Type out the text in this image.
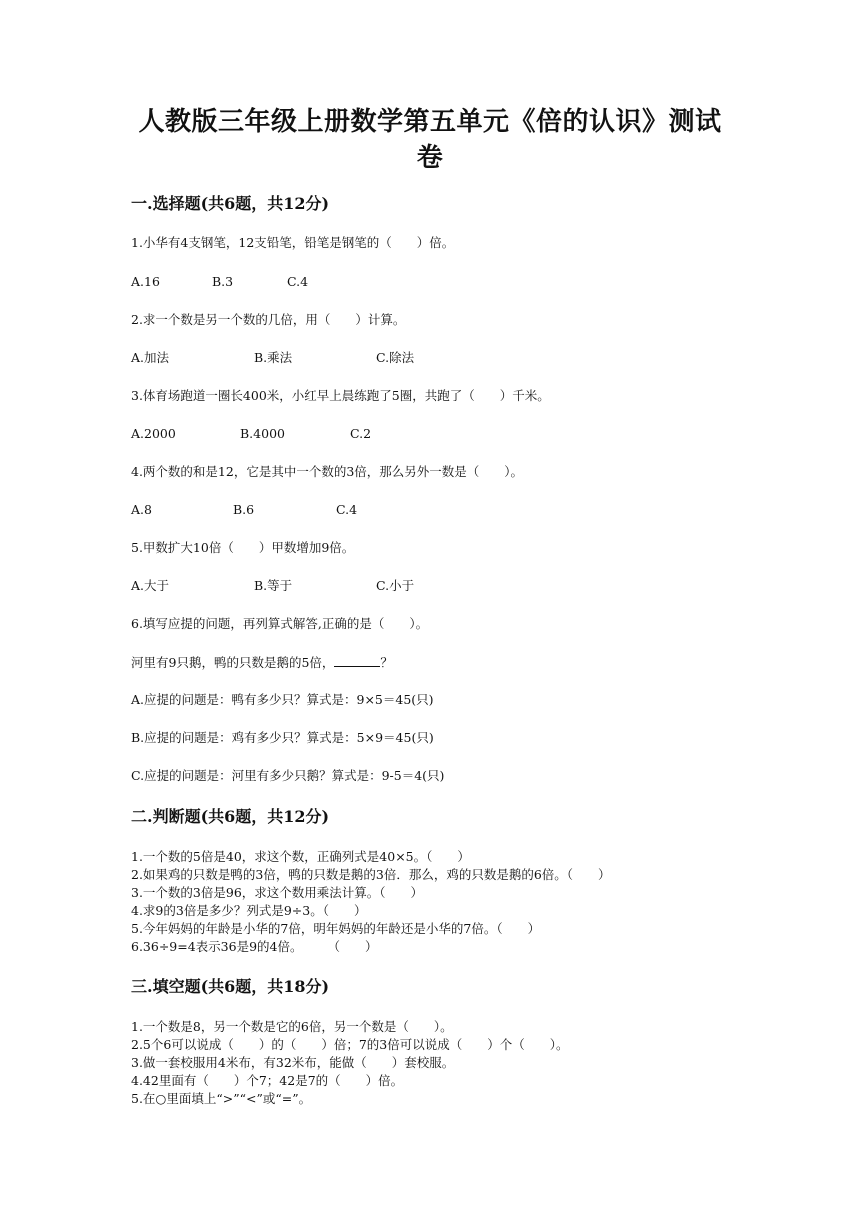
人教版三年级上册数学第五单元《倍的认识》测试
卷
一.选择题(共6题，共12分)
1.小华有4支钢笔，12支铅笔，铅笔是钢笔的（　　）倍。
A.16	B.3	C.4
2.求一个数是另一个数的几倍，用（　　）计算。
A.加法	B.乘法	C.除法
3.体育场跑道一圈长400米，小红早上晨练跑了5圈，共跑了（　　）千米。
A.2000	B.4000	C.2
4.两个数的和是12，它是其中一个数的3倍，那么另外一数是（　　）。
A.8	B.6	C.4
5.甲数扩大10倍（　　）甲数增加9倍。
A.大于	B.等于	C.小于
6.填写应提的问题，再列算式解答,正确的是（　　）。
河里有9只鹅，鸭的只数是鹅的5倍，	？
A.应提的问题是：鸭有多少只？算式是：9×5＝45(只)
B.应提的问题是：鸡有多少只？算式是：5×9＝45(只)
C.应提的问题是：河里有多少只鹅？算式是：9-5＝4(只)
二.判断题(共6题，共12分)
1.一个数的5倍是40，求这个数，正确列式是40×5。（　　）
2.如果鸡的只数是鸭的3倍，鸭的只数是鹅的3倍．那么，鸡的只数是鹅的6倍。（　　）
3.一个数的3倍是96，求这个数用乘法计算。（　　）
4.求9的3倍是多少？列式是9÷3。（　　）
5.今年妈妈的年龄是小华的7倍，明年妈妈的年龄还是小华的7倍。（　　）
6.36÷9=4表示36是9的4倍。　　　（　　）
三.填空题(共6题，共18分)
1.一个数是8，另一个数是它的6倍，另一个数是（　　）。
2.5个6可以说成（　　）的（　　）倍；7的3倍可以说成（　　）个（　　）。
3.做一套校服用4米布，有32米布，能做（　　）套校服。
4.42里面有（　　）个7；42是7的（　　）倍。
5.在○里面填上“>”“<”或“=”。
